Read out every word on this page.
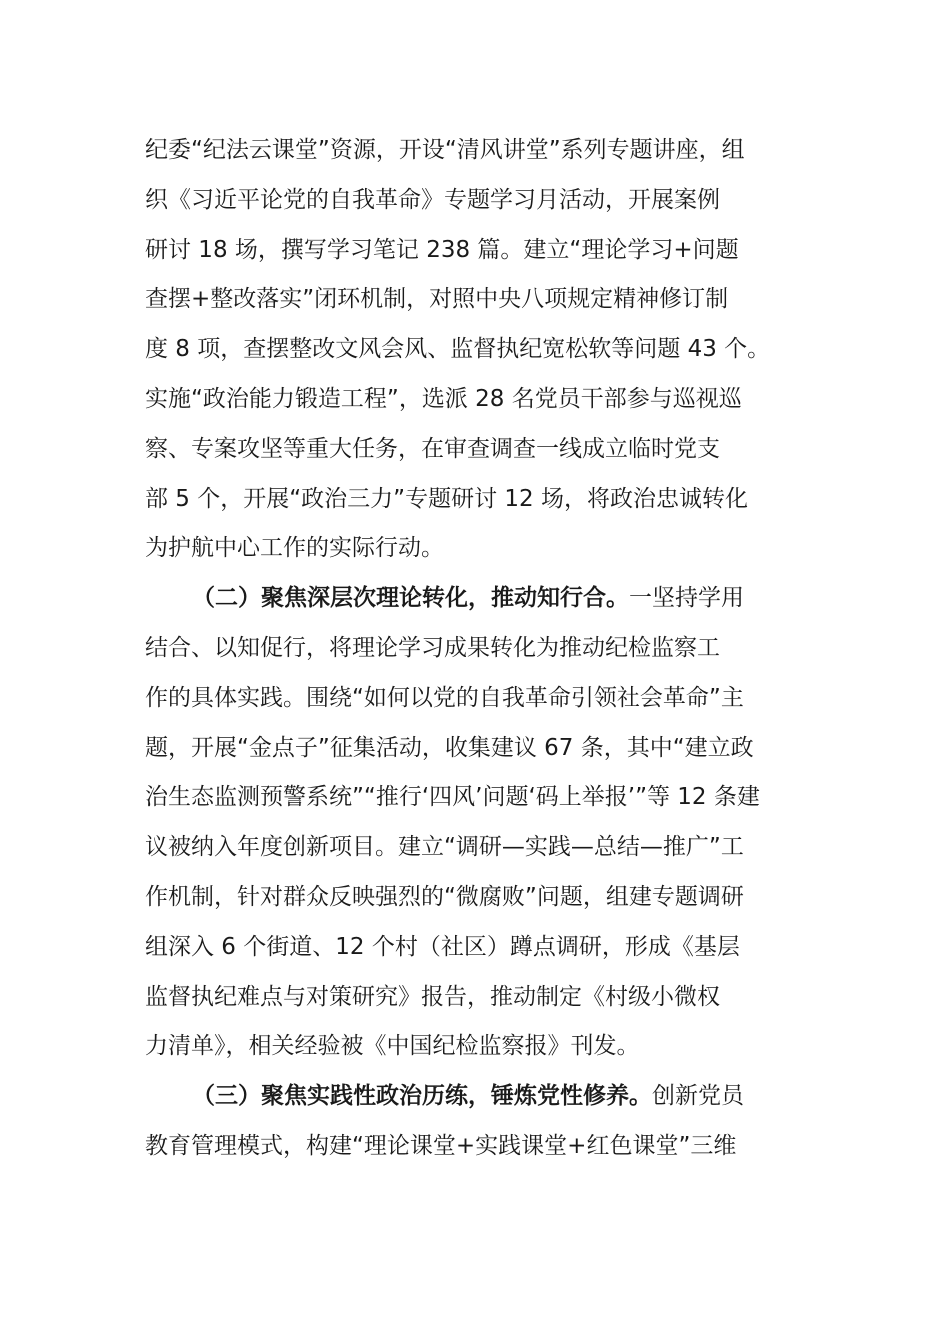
纪委“纪法云课堂”资源，开设“清风讲堂”系列专题讲座，组
织《习近平论党的自我革命》专题学习月活动，开展案例
研讨 18 场，撰写学习笔记 238 篇。建立“理论学习+问题
查摆+整改落实”闭环机制，对照中央八项规定精神修订制
度 8 项，查摆整改文风会风、监督执纪宽松软等问题 43 个。
实施“政治能力锻造工程”，选派 28 名党员干部参与巡视巡
察、专案攻坚等重大任务，在审查调查一线成立临时党支
部 5 个，开展“政治三力”专题研讨 12 场，将政治忠诚转化
为护航中心工作的实际行动。
（二）聚焦深层次理论转化，推动知行合。一坚持学用
结合、以知促行，将理论学习成果转化为推动纪检监察工
作的具体实践。围绕“如何以党的自我革命引领社会革命”主
题，开展“金点子”征集活动，收集建议 67 条，其中“建立政
治生态监测预警系统”“推行‘四风’问题‘码上举报’”等 12 条建
议被纳入年度创新项目。建立“调研—实践—总结—推广”工
作机制，针对群众反映强烈的“微腐败”问题，组建专题调研
组深入 6 个街道、12 个村（社区）蹲点调研，形成《基层
监督执纪难点与对策研究》报告，推动制定《村级小微权
力清单》，相关经验被《中国纪检监察报》刊发。
（三）聚焦实践性政治历练，锤炼党性修养。创新党员
教育管理模式，构建“理论课堂+实践课堂+红色课堂”三维
